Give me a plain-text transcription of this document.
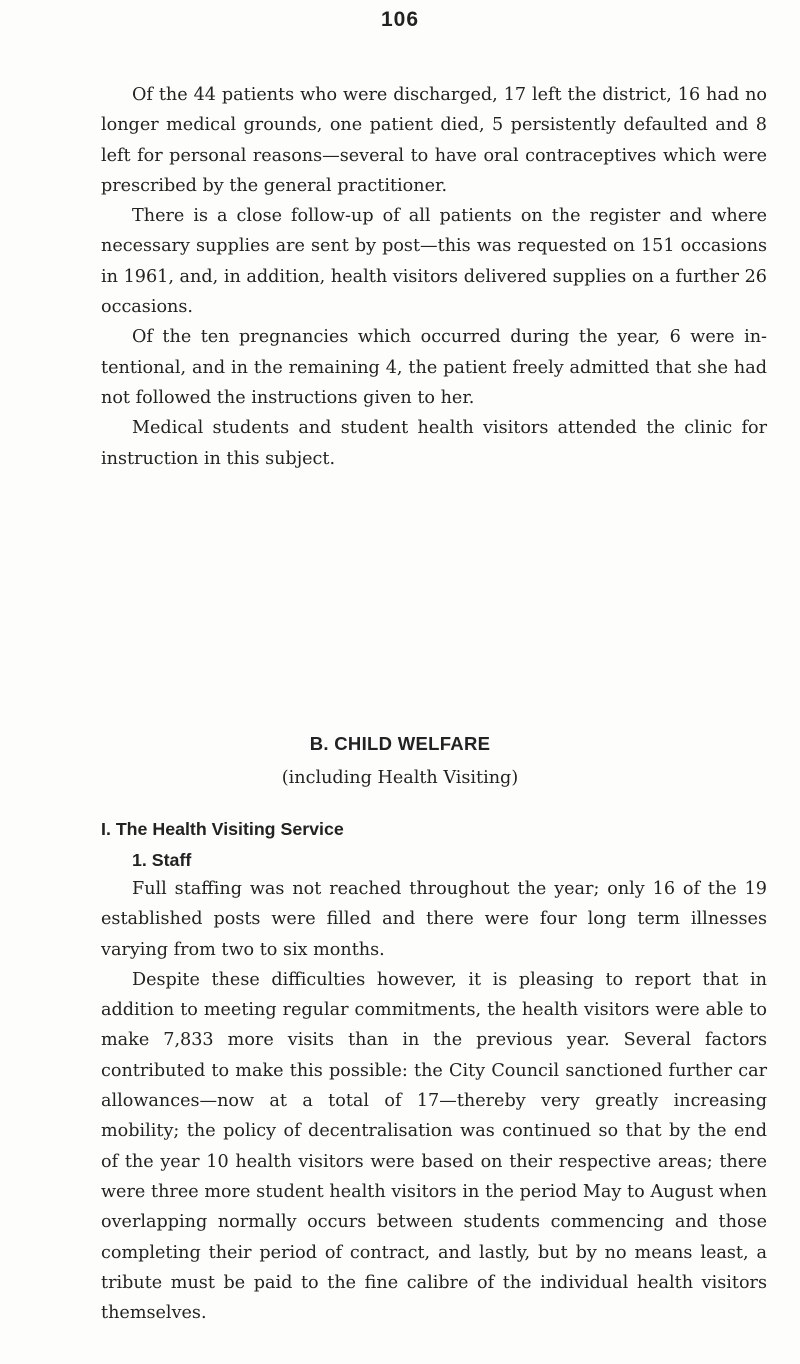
106

Of the 44 patients who were discharged, 17 left the district, 16 had no longer medical grounds, one patient died, 5 persistently defaulted and 8 left for personal reasons—several to have oral contraceptives which were prescribed by the general practitioner.

There is a close follow-up of all patients on the register and where necessary supplies are sent by post—this was requested on 151 occasions in 1961, and, in addition, health visitors delivered supplies on a further 26 occasions.

Of the ten pregnancies which occurred during the year, 6 were intentional, and in the remaining 4, the patient freely admitted that she had not followed the instructions given to her.

Medical students and student health visitors attended the clinic for instruction in this subject.

B. CHILD WELFARE
(including Health Visiting)
I. The Health Visiting Service
1. Staff

Full staffing was not reached throughout the year; only 16 of the 19 established posts were filled and there were four long term illnesses varying from two to six months.

Despite these difficulties however, it is pleasing to report that in addition to meeting regular commitments, the health visitors were able to make 7,833 more visits than in the previous year. Several factors contributed to make this possible: the City Council sanctioned further car allowances—now at a total of 17—thereby very greatly increasing mobility; the policy of decentralisation was continued so that by the end of the year 10 health visitors were based on their respective areas; there were three more student health visitors in the period May to August when overlapping normally occurs between students commencing and those completing their period of contract, and lastly, but by no means least, a tribute must be paid to the fine calibre of the individual health visitors themselves.
